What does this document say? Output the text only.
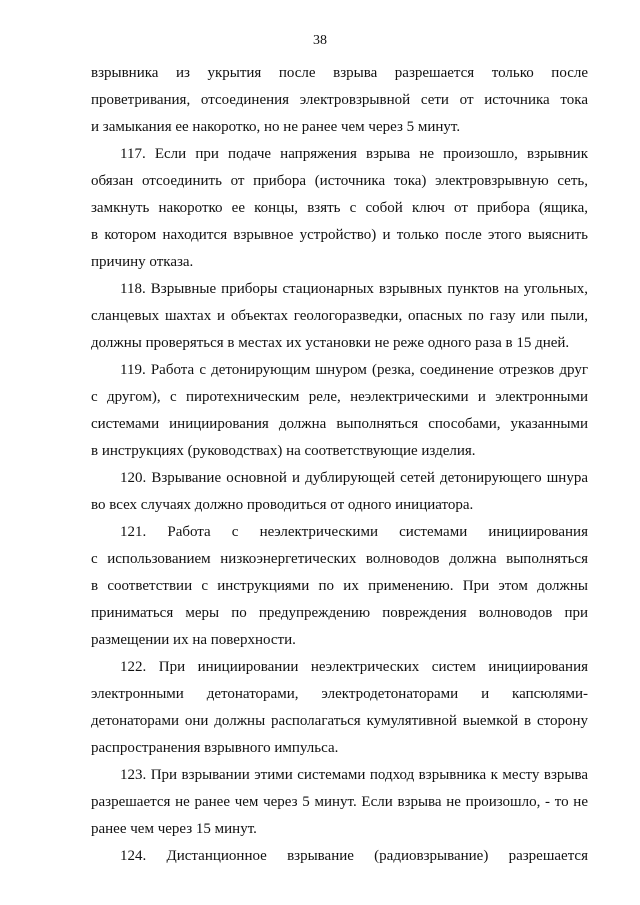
38
взрывника из укрытия после взрыва разрешается только после
проветривания, отсоединения электровзрывной сети от источника тока
и замыкания ее накоротко, но не ранее чем через 5 минут.
117. Если при подаче напряжения взрыва не произошло, взрывник
обязан отсоединить от прибора (источника тока) электровзрывную сеть,
замкнуть накоротко ее концы, взять с собой ключ от прибора (ящика,
в котором находится взрывное устройство) и только после этого выяснить
причину отказа.
118. Взрывные приборы стационарных взрывных пунктов на угольных,
сланцевых шахтах и объектах геологоразведки, опасных по газу или пыли,
должны проверяться в местах их установки не реже одного раза в 15 дней.
119. Работа с детонирующим шнуром (резка, соединение отрезков друг
с другом), с пиротехническим реле, неэлектрическими и электронными
системами инициирования должна выполняться способами, указанными
в инструкциях (руководствах) на соответствующие изделия.
120. Взрывание основной и дублирующей сетей детонирующего шнура
во всех случаях должно проводиться от одного инициатора.
121. Работа с неэлектрическими системами инициирования
с использованием низкоэнергетических волноводов должна выполняться
в соответствии с инструкциями по их применению. При этом должны
приниматься меры по предупреждению повреждения волноводов при
размещении их на поверхности.
122. При инициировании неэлектрических систем инициирования
электронными детонаторами, электродетонаторами и капсюлями-
детонаторами они должны располагаться кумулятивной выемкой в сторону
распространения взрывного импульса.
123. При взрывании этими системами подход взрывника к месту взрыва
разрешается не ранее чем через 5 минут. Если взрыва не произошло, - то не
ранее чем через 15 минут.
124. Дистанционное взрывание (радиовзрывание) разрешается
